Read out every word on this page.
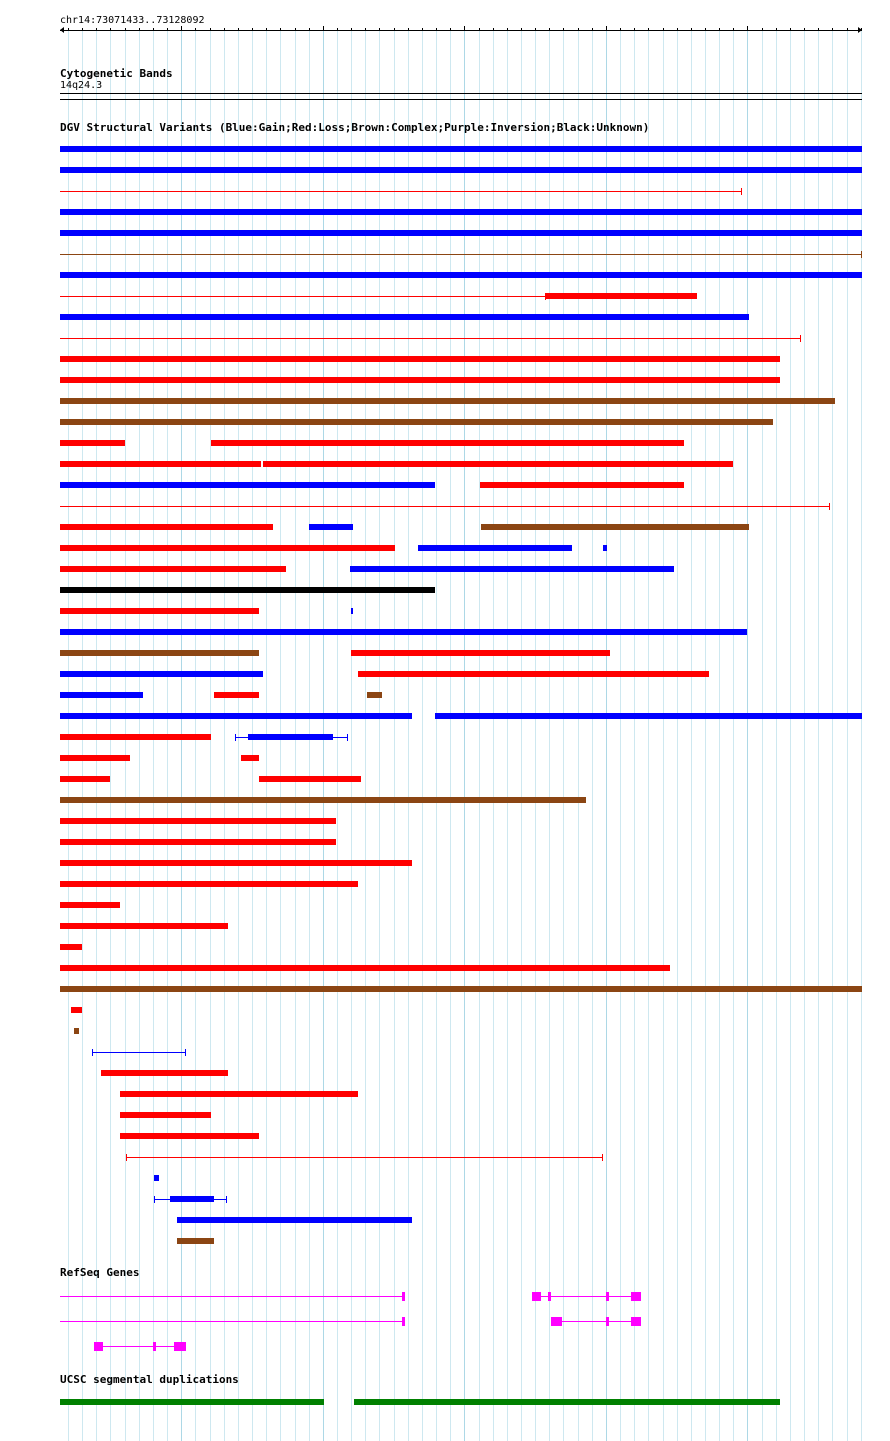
chr14:73071433..73128092
Cytogenetic Bands
14q24.3
DGV Structural Variants (Blue:Gain;Red:Loss;Brown:Complex;Purple:Inversion;Black:Unknown)
RefSeq Genes
UCSC segmental duplications
